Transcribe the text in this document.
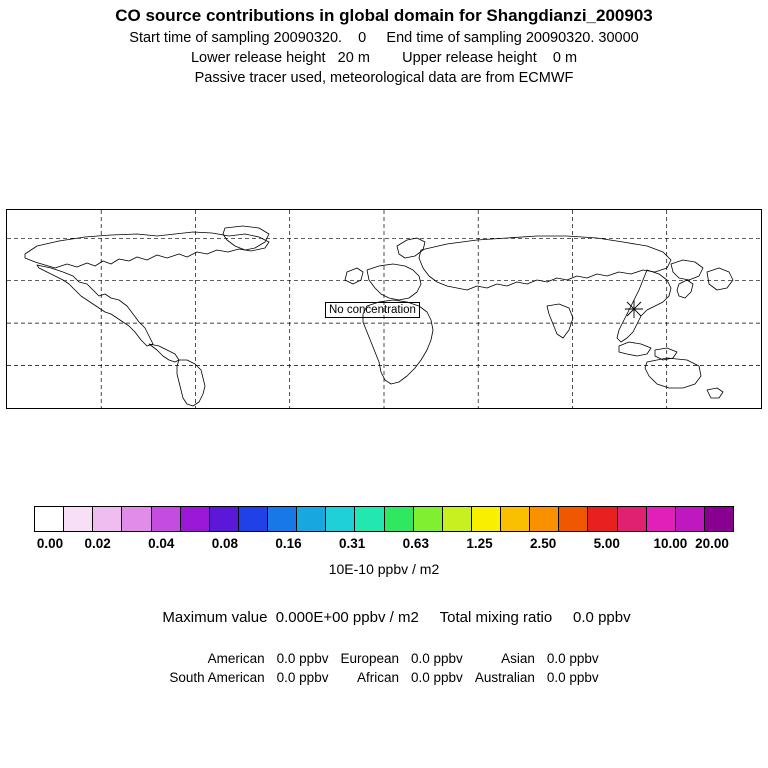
CO source contributions in global domain for Shangdianzi_200903
Start time of sampling 20090320.    0     End time of sampling 20090320. 30000
Lower release height   20 m        Upper release height    0 m
Passive tracer used, meteorological data are from ECMWF
No concentration
0.00 0.02	0.04	0.08	0.16	0.31	0.63	1.25	2.50	5.00 10.00 20.00
10E-10 ppbv / m2

Maximum value 0.000E+00 ppbv / m2 Total mixing ratio 0.0 ppbv

American	0.0 ppbv	European	0.0 ppbv	Asian	0.0 ppbv
South American	0.0 ppbv	African	0.0 ppbv	Australian	0.0 ppbv
